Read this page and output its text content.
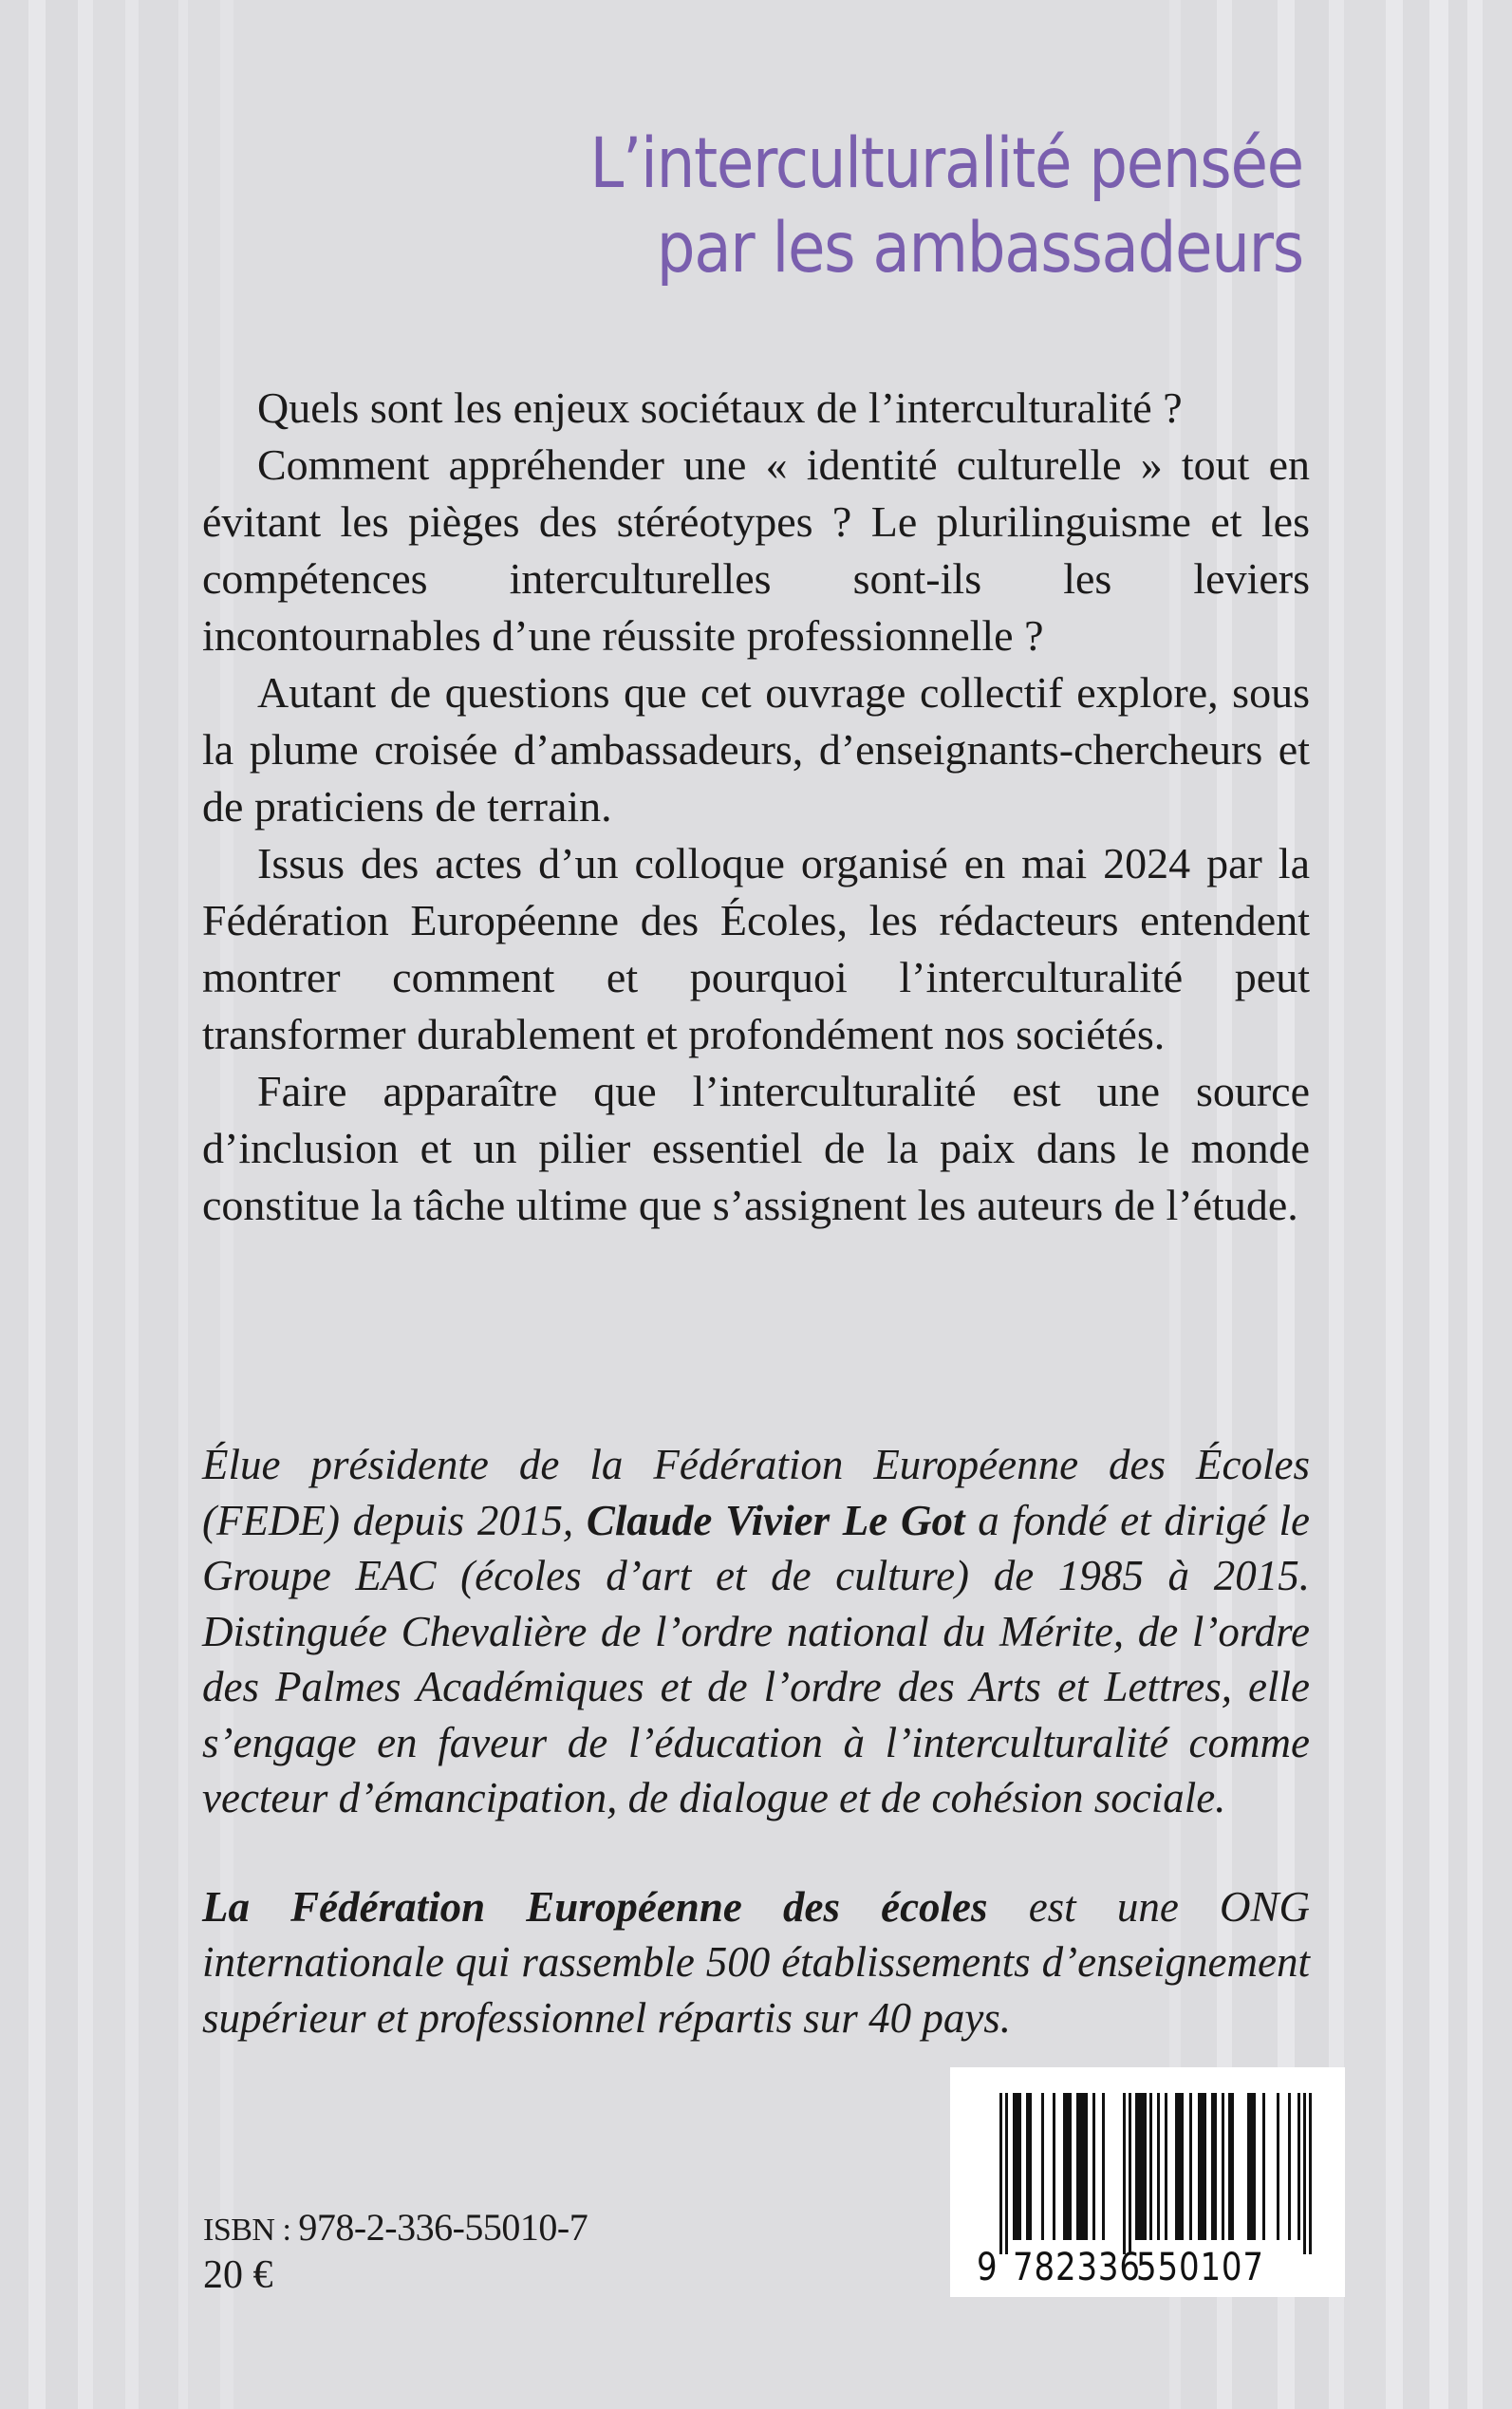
L’interculturalité pensée
par les ambassadeurs

Quels sont les enjeux sociétaux de l’interculturalité ?

Comment appréhender une « identité culturelle » tout en évitant les pièges des stéréotypes ? Le plurilinguisme et les compétences interculturelles sont-ils les leviers incontournables d’une réussite professionnelle ?

Autant de questions que cet ouvrage collectif explore, sous la plume croisée d’ambassadeurs, d’enseignants-chercheurs et de praticiens de terrain.

Issus des actes d’un colloque organisé en mai 2024 par la Fédération Européenne des Écoles, les rédacteurs entendent montrer comment et pourquoi l’interculturalité peut transformer durablement et profondément nos sociétés.

Faire apparaître que l’interculturalité est une source d’inclusion et un pilier essentiel de la paix dans le monde constitue la tâche ultime que s’assignent les auteurs de l’étude.

Élue présidente de la Fédération Européenne des Écoles (FEDE) depuis 2015, Claude Vivier Le Got a fondé et dirigé le Groupe EAC (écoles d’art et de culture) de 1985 à 2015. Distinguée Chevalière de l’ordre national du Mérite, de l’ordre des Palmes Académiques et de l’ordre des Arts et Lettres, elle s’engage en faveur de l’éducation à l’interculturalité comme vecteur d’émancipation, de dialogue et de cohésion sociale.

La Fédération Européenne des écoles est une ONG internationale qui rassemble 500 établissements d’enseignement supérieur et professionnel répartis sur 40 pays.

ISBN : 978-2-336-55010-7
20 €	9 782336
550107
